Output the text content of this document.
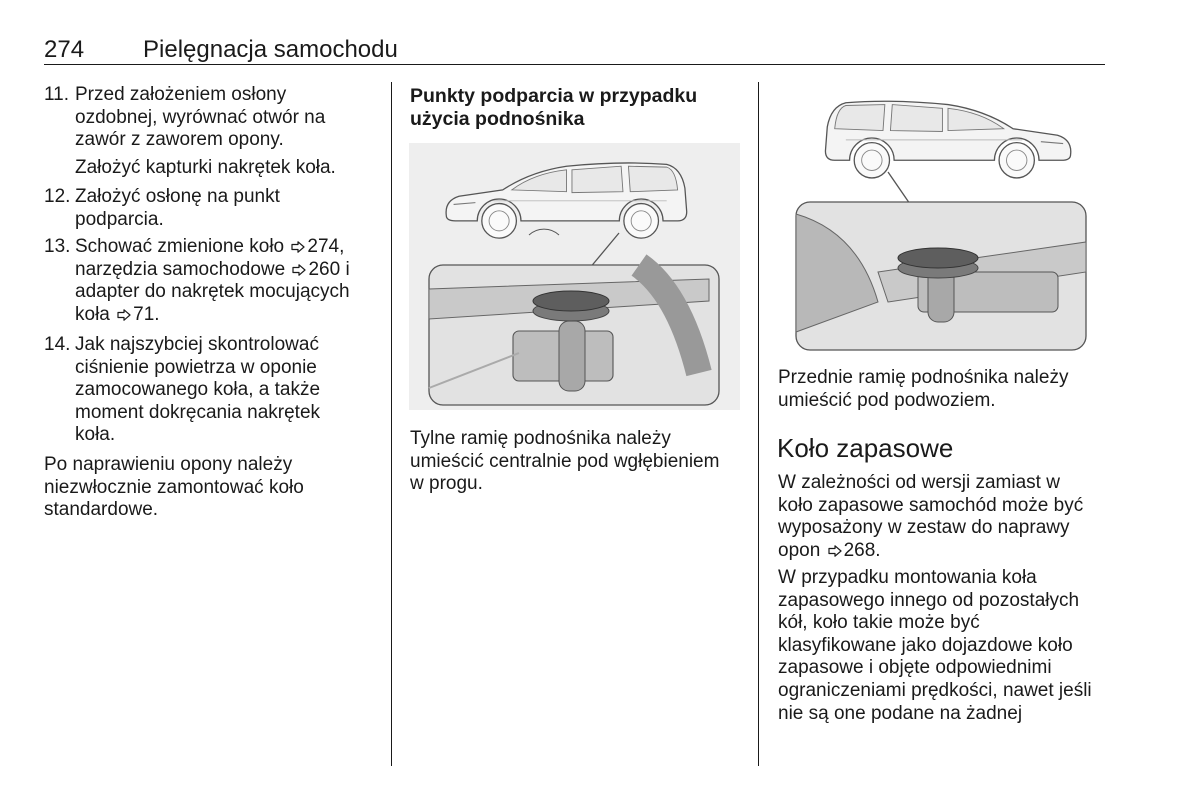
274 Pielęgnacja samochodu
11. Przed założeniem osłony
ozdobnej, wyrównać otwór na
zawór z zaworem opony.
Założyć kapturki nakrętek koła.
12. Założyć osłonę na punkt
podparcia.
13. Schować zmienione koło 274,
narzędzia samochodowe 260 i
adapter do nakrętek mocujących
koła 71.
14. Jak najszybciej skontrolować
ciśnienie powietrza w oponie
zamocowanego koła, a także
moment dokręcania nakrętek
koła.
Po naprawieniu opony należy
niezwłocznie zamontować koło
standardowe.
Punkty podparcia w przypadku
użycia podnośnika
Tylne ramię podnośnika należy
umieścić centralnie pod wgłębieniem
w progu.
Przednie ramię podnośnika należy
umieścić pod podwoziem.
Koło zapasowe
W zależności od wersji zamiast w
koło zapasowe samochód może być
wyposażony w zestaw do naprawy
opon 268.
W przypadku montowania koła
zapasowego innego od pozostałych
kół, koło takie może być
klasyfikowane jako dojazdowe koło
zapasowe i objęte odpowiednimi
ograniczeniami prędkości, nawet jeśli
nie są one podane na żadnej
